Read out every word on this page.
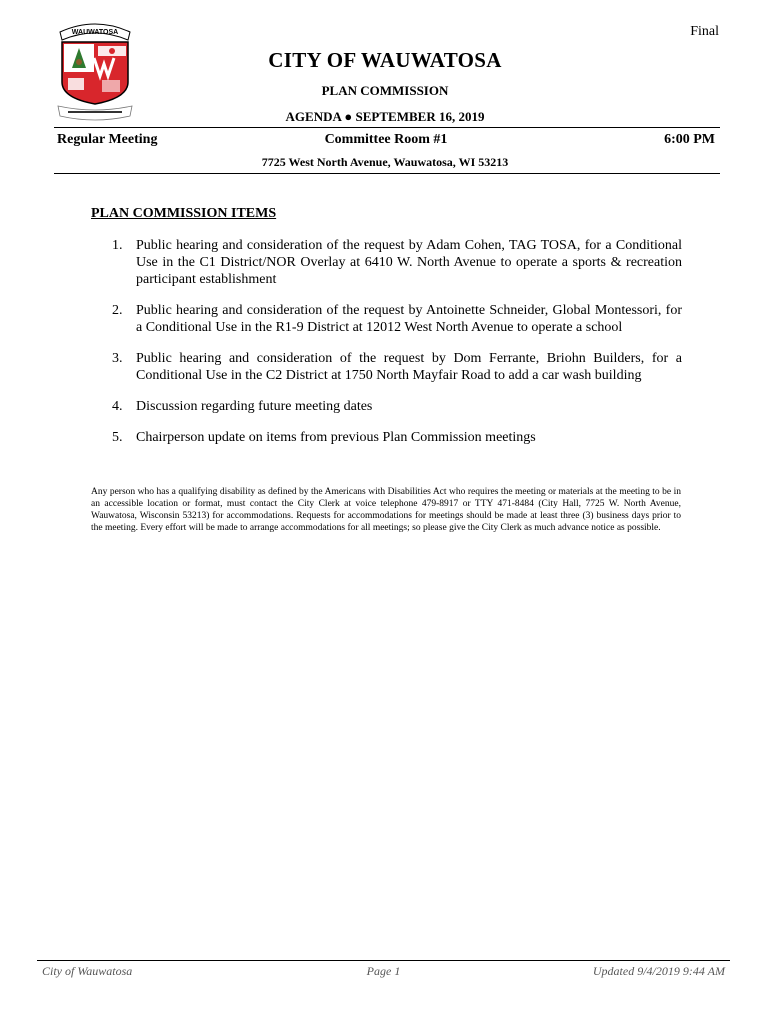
Final
WAUWATOSA
CITY OF WAUWATOSA
PLAN COMMISSION
AGENDA ● SEPTEMBER 16, 2019
Committee Room #1
Regular Meeting	6:00 PM
7725 West North Avenue, Wauwatosa, WI 53213
PLAN COMMISSION ITEMS
1. Public hearing and consideration of the request by Adam Cohen, TAG TOSA, for a Conditional Use in the C1 District/NOR Overlay at 6410 W. North Avenue to operate a sports & recreation participant establishment
2. Public hearing and consideration of the request by Antoinette Schneider, Global Montessori, for a Conditional Use in the R1-9 District at 12012 West North Avenue to operate a school
3. Public hearing and consideration of the request by Dom Ferrante, Briohn Builders, for a Conditional Use in the C2 District at 1750 North Mayfair Road to add a car wash building
4. Discussion regarding future meeting dates
5. Chairperson update on items from previous Plan Commission meetings
Any person who has a qualifying disability as defined by the Americans with Disabilities Act who requires the meeting or materials at the meeting to be in an accessible location or format, must contact the City Clerk at voice telephone 479-8917 or TTY 471-8484 (City Hall, 7725 W. North Avenue, Wauwatosa, Wisconsin 53213) for accommodations. Requests for accommodations for meetings should be made at least three (3) business days prior to the meeting. Every effort will be made to arrange accommodations for all meetings; so please give the City Clerk as much advance notice as possible.
Page 1
City of Wauwatosa	Updated 9/4/2019 9:44 AM
